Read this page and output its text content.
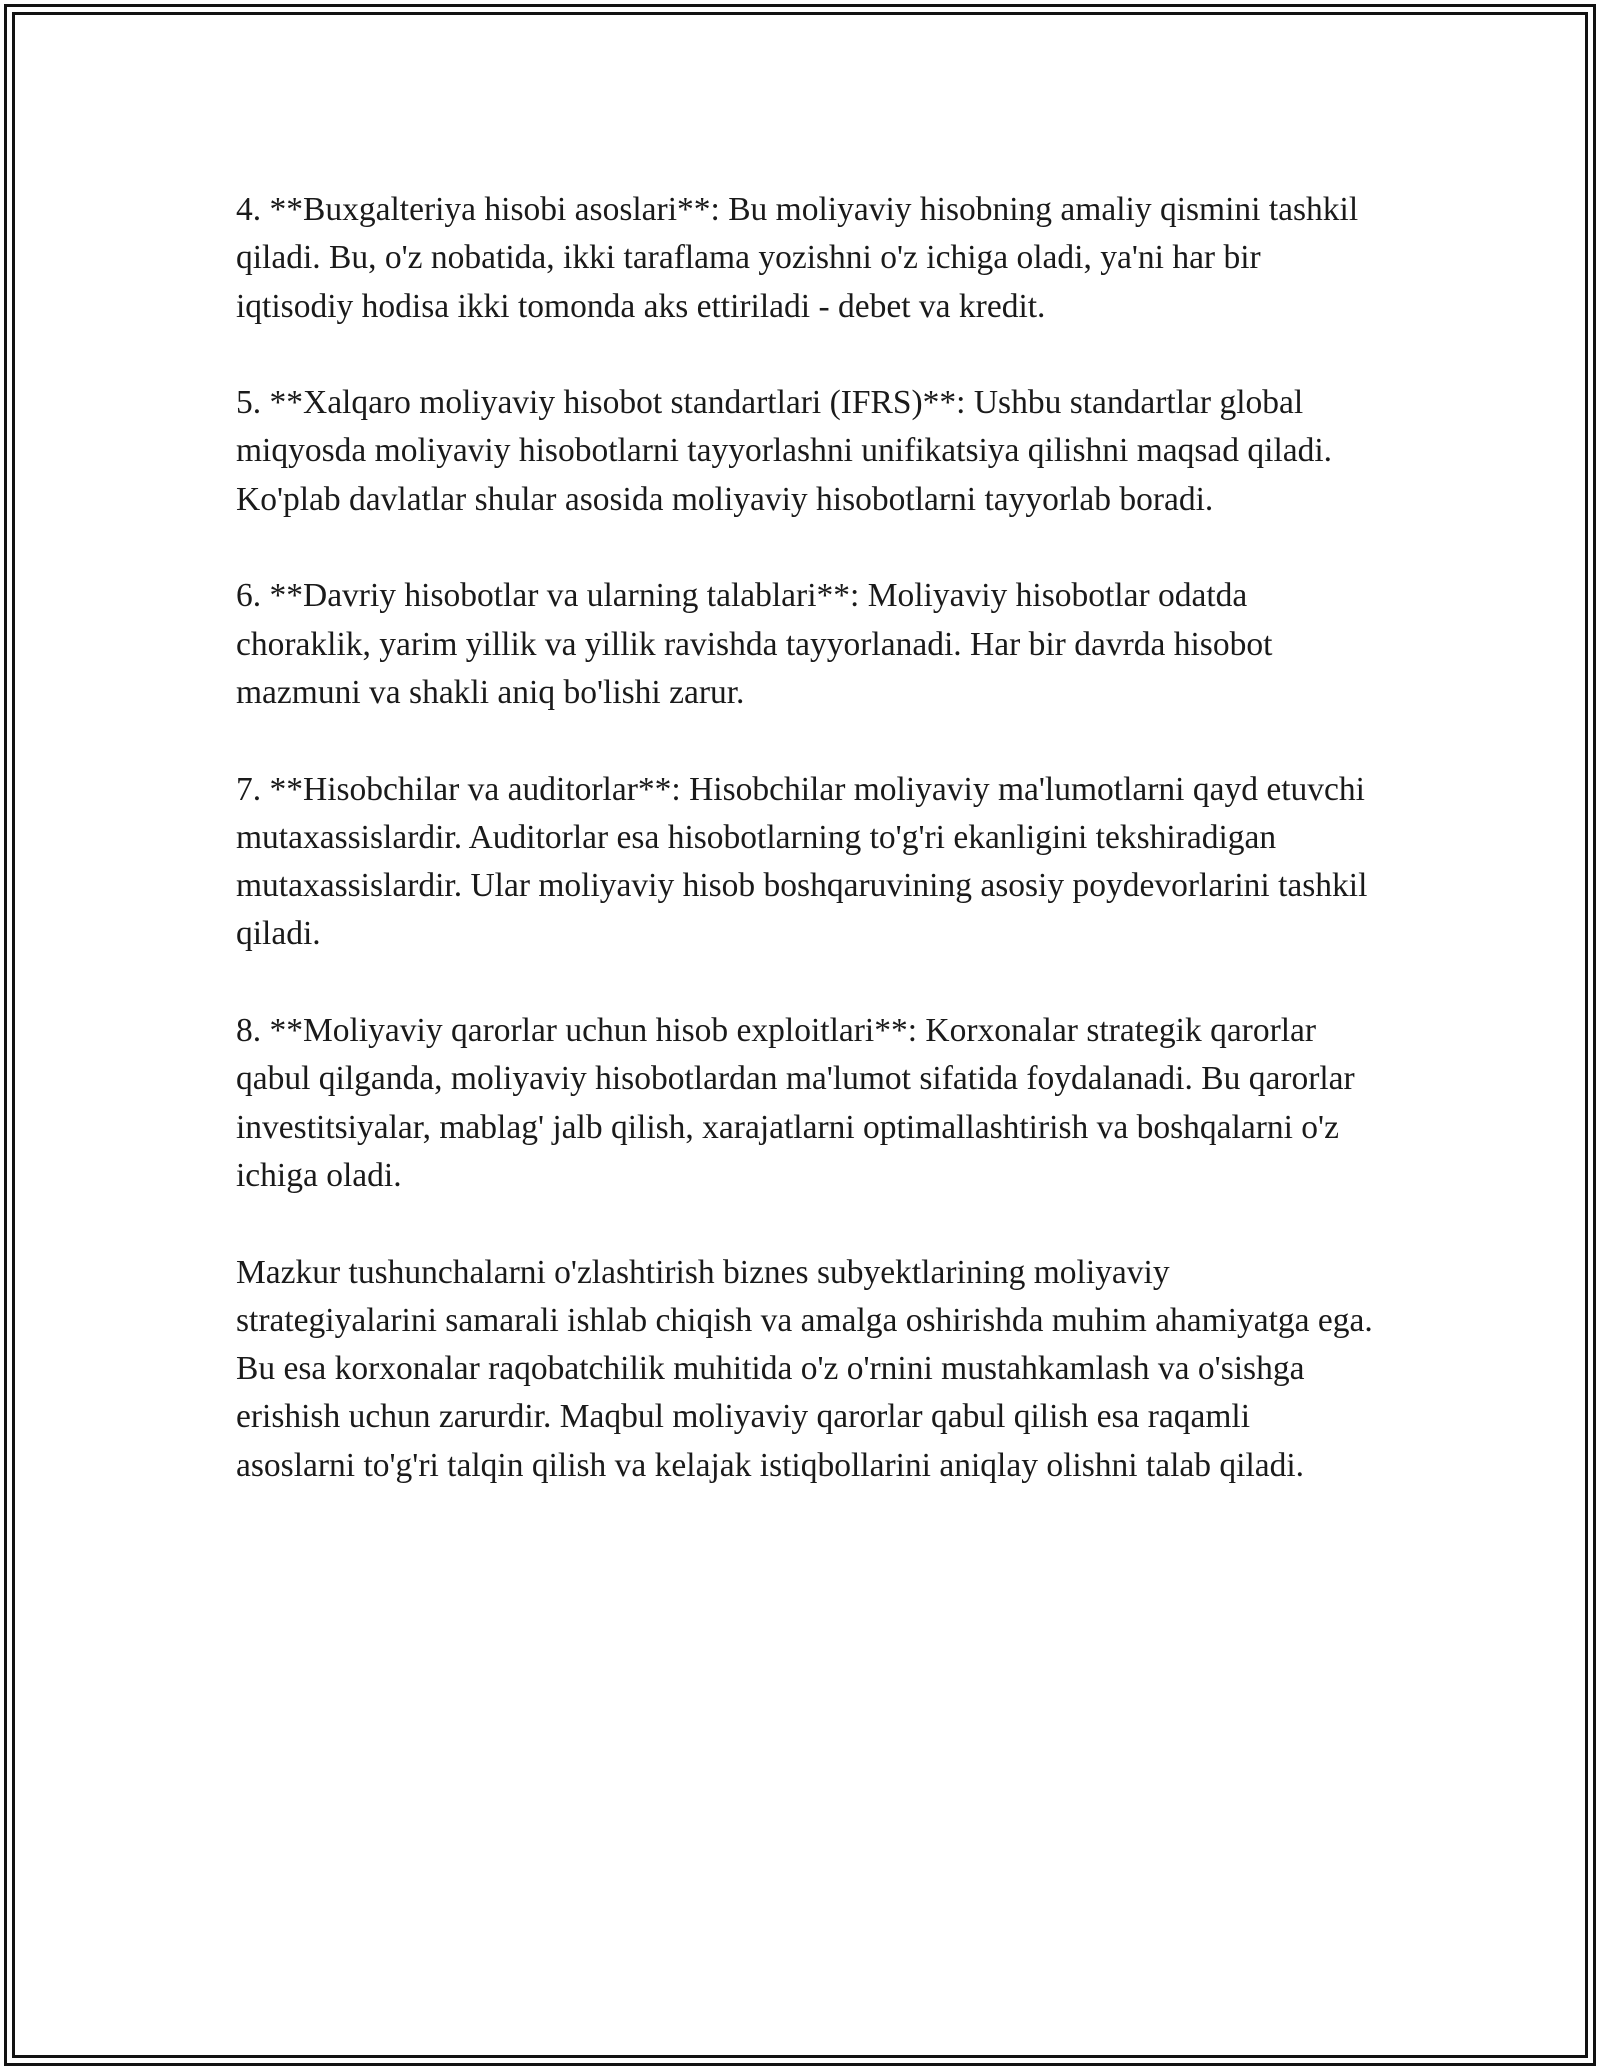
4. **Buxgalteriya hisobi asoslari**: Bu moliyaviy hisobning amaliy qismini tashkil qiladi. Bu, o'z nobatida, ikki taraflama yozishni o'z ichiga oladi, ya'ni har bir iqtisodiy hodisa ikki tomonda aks ettiriladi - debet va kredit.

5. **Xalqaro moliyaviy hisobot standartlari (IFRS)**: Ushbu standartlar global miqyosda moliyaviy hisobotlarni tayyorlashni unifikatsiya qilishni maqsad qiladi. Ko'plab davlatlar shular asosida moliyaviy hisobotlarni tayyorlab boradi.

6. **Davriy hisobotlar va ularning talablari**: Moliyaviy hisobotlar odatda choraklik, yarim yillik va yillik ravishda tayyorlanadi. Har bir davrda hisobot mazmuni va shakli aniq bo'lishi zarur.

7. **Hisobchilar va auditorlar**: Hisobchilar moliyaviy ma'lumotlarni qayd etuvchi mutaxassislardir. Auditorlar esa hisobotlarning to'g'ri ekanligini tekshiradigan mutaxassislardir. Ular moliyaviy hisob boshqaruvining asosiy poydevorlarini tashkil qiladi.

8. **Moliyaviy qarorlar uchun hisob exploitlari**: Korxonalar strategik qarorlar qabul qilganda, moliyaviy hisobotlardan ma'lumot sifatida foydalanadi. Bu qarorlar investitsiyalar, mablag' jalb qilish, xarajatlarni optimallashtirish va boshqalarni o'z ichiga oladi.

Mazkur tushunchalarni o'zlashtirish biznes subyektlarining moliyaviy strategiyalarini samarali ishlab chiqish va amalga oshirishda muhim ahamiyatga ega. Bu esa korxonalar raqobatchilik muhitida o'z o'rnini mustahkamlash va o'sishga erishish uchun zarurdir. Maqbul moliyaviy qarorlar qabul qilish esa raqamli asoslarni to'g'ri talqin qilish va kelajak istiqbollarini aniqlay olishni talab qiladi.
